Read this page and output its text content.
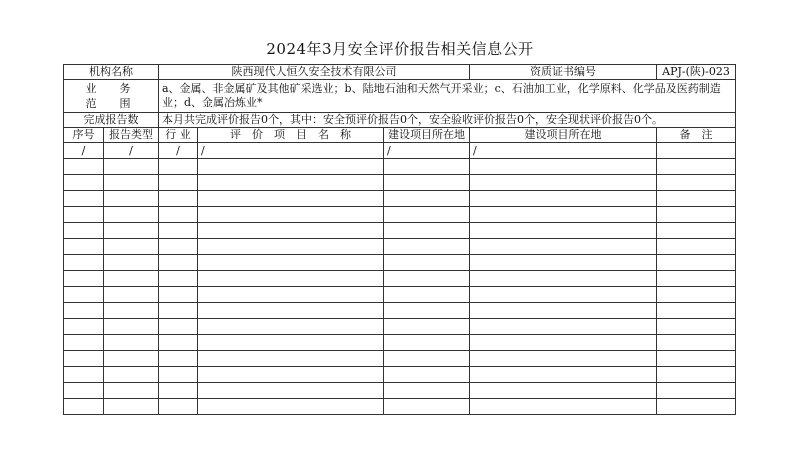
2024年3月安全评价报告相关信息公开
机构名称		陕西现代人恒久安全技术有限公司			资质证书编号	APJ-(陕)-023

业　务
范　围		a、金属、非金属矿及其他矿采选业；b、陆地石油和天然气开采业；c、石油加工业，化学原料、化学品及医药制造业；d、金属冶炼业*				
完成报告数		本月共完成评价报告0个，其中：安全预评价报告0个，安全验收评价报告0个，安全现状评价报告0个。				
序号	报告类型	行 业	评　价　项　目　名　称	建设项目所在地	建设项目所在地	备　注
/	/	/	/	/	/	
